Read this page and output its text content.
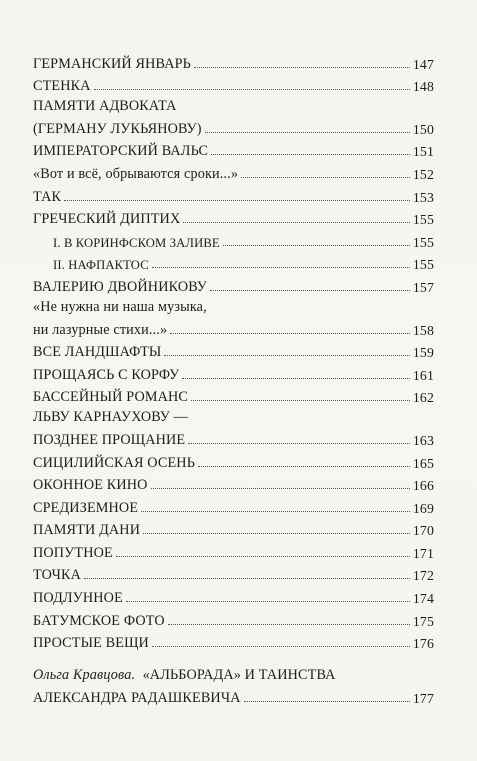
ГЕРМАНСКИЙ ЯНВАРЬ	147
СТЕНКА	148
ПАМЯТИ АДВОКАТА
(ГЕРМАНУ ЛУКЬЯНОВУ)	150
ИМПЕРАТОРСКИЙ ВАЛЬС	151
«Вот и всё, обрываются сроки...»	152
ТАК	153
ГРЕЧЕСКИЙ ДИПТИХ	155
I. В КОРИНФСКОМ ЗАЛИВЕ	155
II. НАФПАКТОС	155
ВАЛЕРИЮ ДВОЙНИКОВУ	157
«Не нужна ни наша музыка,
ни лазурные стихи...»	158
ВСЕ ЛАНДШАФТЫ	159
ПРОЩАЯСЬ С КОРФУ	161
БАССЕЙНЫЙ РОМАНС	162
ЛЬВУ КАРНАУХОВУ —
ПОЗДНЕЕ ПРОЩАНИЕ	163
СИЦИЛИЙСКАЯ ОСЕНЬ	165
ОКОННОЕ КИНО	166
СРЕДИЗЕМНОЕ	169
ПАМЯТИ ДАНИ	170
ПОПУТНОЕ	171
ТОЧКА	172
ПОДЛУННОЕ	174
БАТУМСКОЕ ФОТО	175
ПРОСТЫЕ ВЕЩИ	176
Ольга Кравцова.
«АЛЬБОРАДА» И ТАИНСТВА
АЛЕКСАНДРА РАДАШКЕВИЧА	177
